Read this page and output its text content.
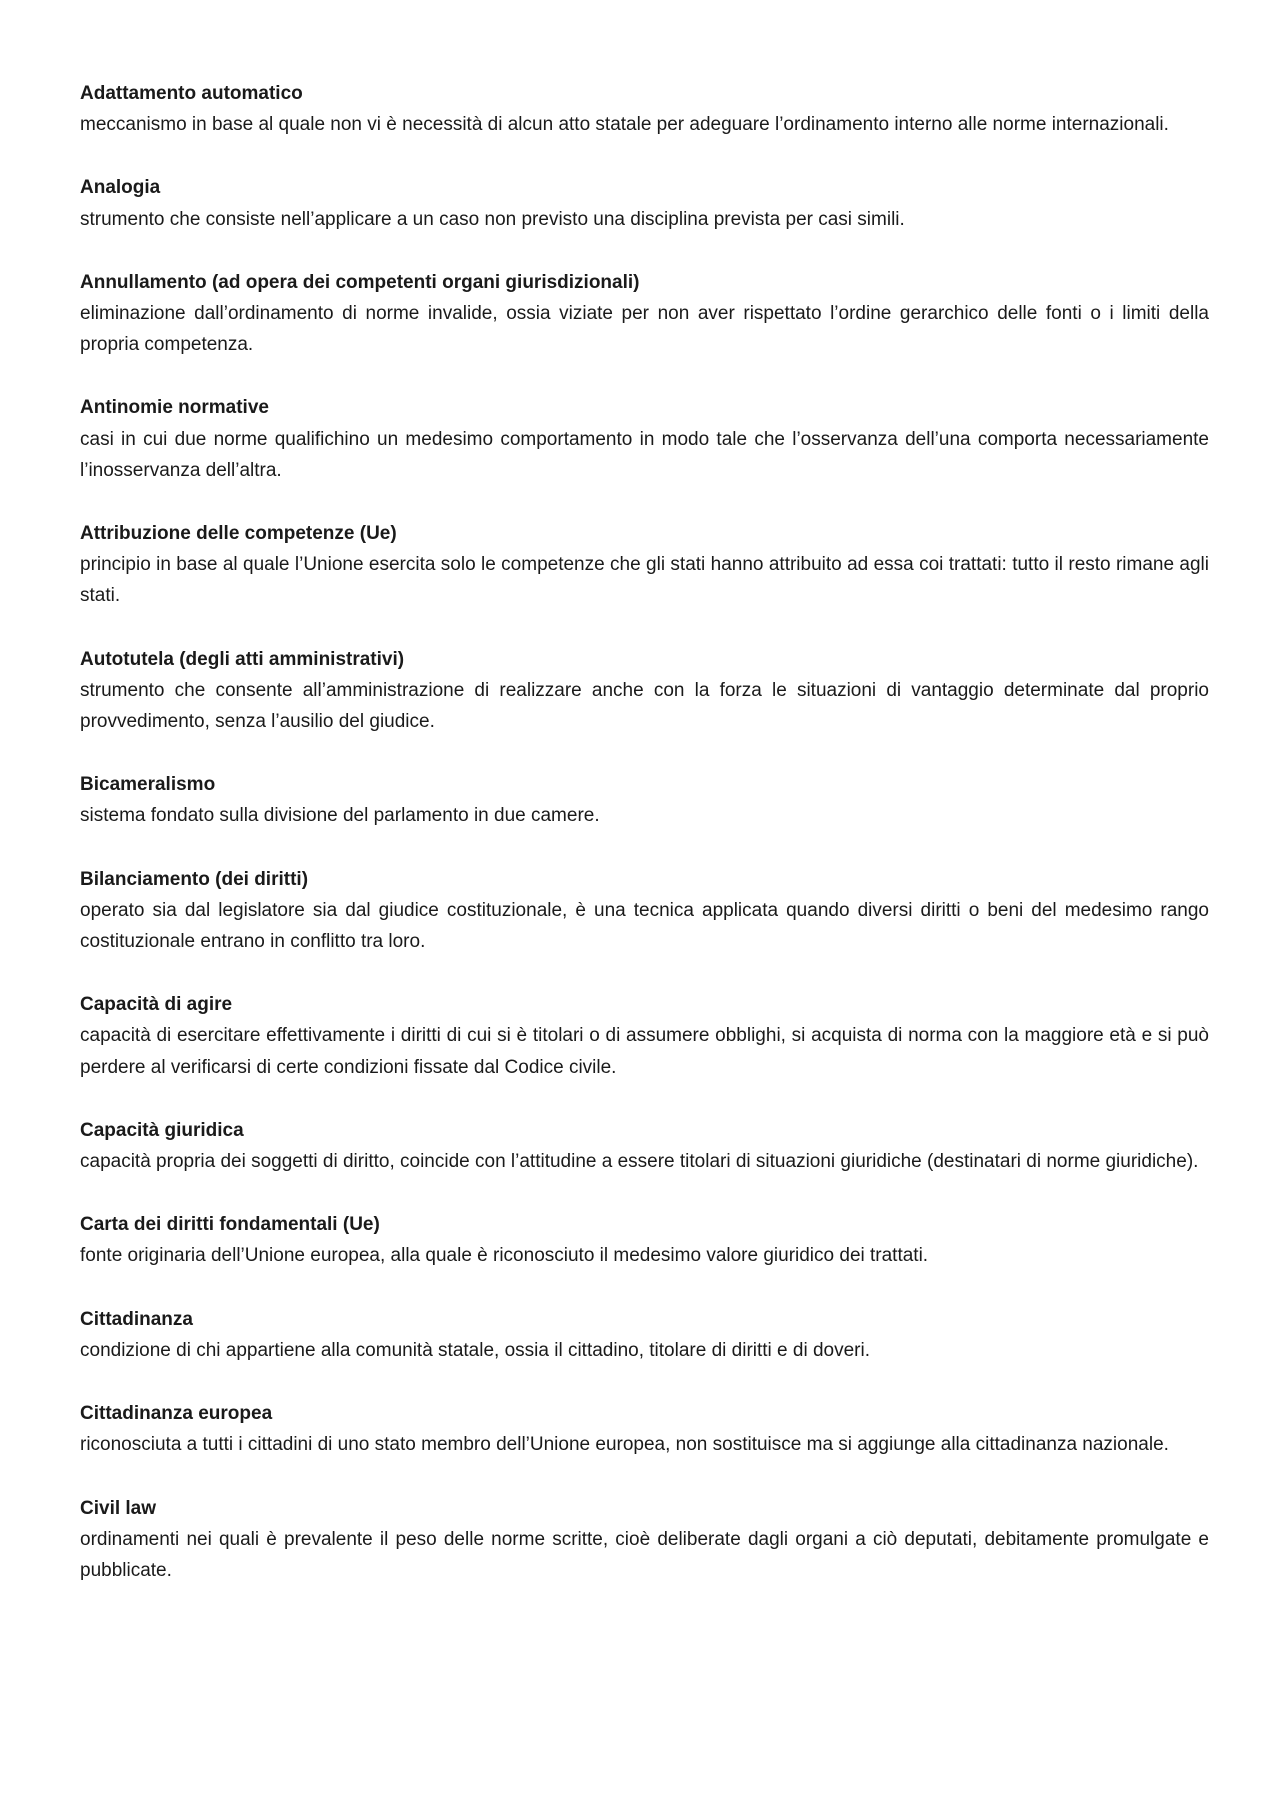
Adattamento automatico

meccanismo in base al quale non vi è necessità di alcun atto statale per adeguare l’ordinamento interno alle norme internazionali.

Analogia

strumento che consiste nell’applicare a un caso non previsto una disciplina prevista per casi simili.

Annullamento (ad opera dei competenti organi giurisdizionali)

eliminazione dall’ordinamento di norme invalide, ossia viziate per non aver rispettato l’ordine gerarchico delle fonti o i limiti della propria competenza.

Antinomie normative

casi in cui due norme qualifichino un medesimo comportamento in modo tale che l’osservanza dell’una comporta necessariamente l’inosservanza dell’altra.

Attribuzione delle competenze (Ue)

principio in base al quale l’Unione esercita solo le competenze che gli stati hanno attribuito ad essa coi trattati: tutto il resto rimane agli stati.

Autotutela (degli atti amministrativi)

strumento che consente all’amministrazione di realizzare anche con la forza le situazioni di vantaggio determinate dal proprio provvedimento, senza l’ausilio del giudice.

Bicameralismo

sistema fondato sulla divisione del parlamento in due camere.

Bilanciamento (dei diritti)

operato sia dal legislatore sia dal giudice costituzionale, è una tecnica applicata quando diversi diritti o beni del medesimo rango costituzionale entrano in conflitto tra loro.

Capacità di agire

capacità di esercitare effettivamente i diritti di cui si è titolari o di assumere obblighi, si acquista di norma con la maggiore età e si può perdere al verificarsi di certe condizioni fissate dal Codice civile.

Capacità giuridica

capacità propria dei soggetti di diritto, coincide con l’attitudine a essere titolari di situazioni giuridiche (destinatari di norme giuridiche).

Carta dei diritti fondamentali (Ue)

fonte originaria dell’Unione europea, alla quale è riconosciuto il medesimo valore giuridico dei trattati.

Cittadinanza

condizione di chi appartiene alla comunità statale, ossia il cittadino, titolare di diritti e di doveri.

Cittadinanza europea

riconosciuta a tutti i cittadini di uno stato membro dell’Unione europea, non sostituisce ma si aggiunge alla cittadinanza nazionale.

Civil law

ordinamenti nei quali è prevalente il peso delle norme scritte, cioè deliberate dagli organi a ciò deputati, debitamente promulgate e pubblicate.
